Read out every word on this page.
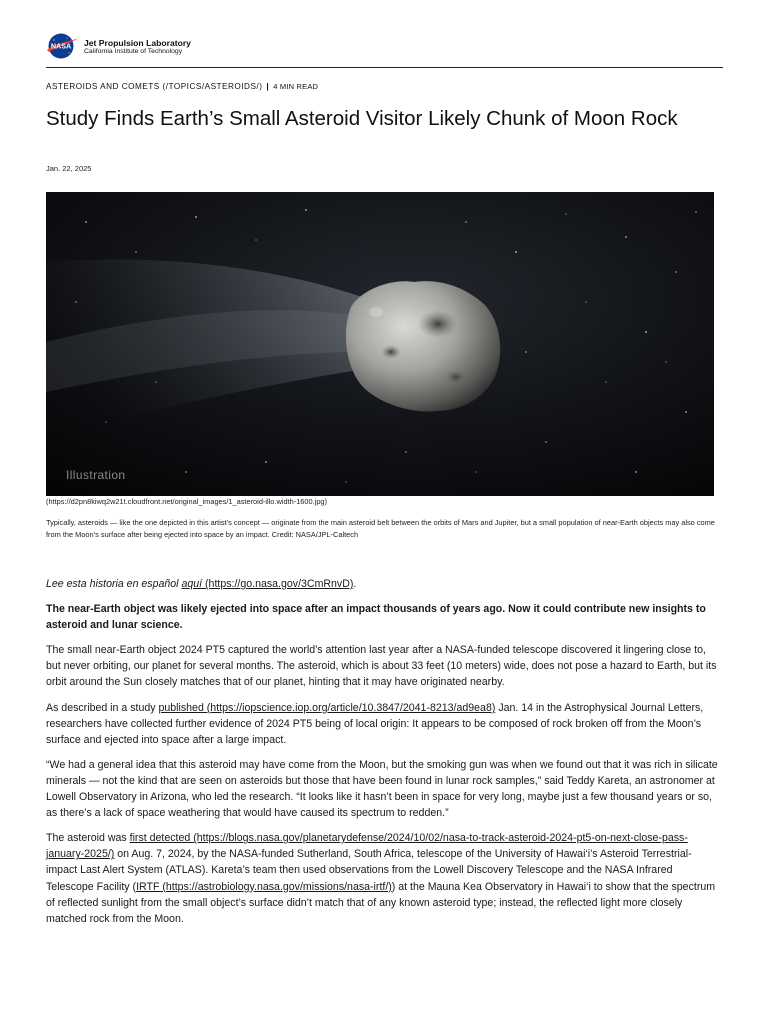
NASA Jet Propulsion Laboratory
California Institute of Technology
ASTEROIDS AND COMETS (/TOPICS/ASTEROIDS/) | 4 MIN READ
Study Finds Earth’s Small Asteroid Visitor Likely Chunk of Moon Rock
Jan. 22, 2025
Illustration
(https://d2pn8kiwq2w21t.cloudfront.net/original_images/1_asteroid-illo.width-1600.jpg)
Typically, asteroids — like the one depicted in this artist’s concept — originate from the main asteroid belt between the orbits of Mars and Jupiter, but a small population of near-Earth objects may also come from the Moon’s surface after being ejected into space by an impact. Credit: NASA/JPL-Caltech

Lee esta historia en español aquí (https://go.nasa.gov/3CmRnvD).

The near-Earth object was likely ejected into space after an impact thousands of years ago. Now it could contribute new insights to asteroid and lunar science.

The small near-Earth object 2024 PT5 captured the world’s attention last year after a NASA-funded telescope discovered it lingering close to, but never orbiting, our planet for several months. The asteroid, which is about 33 feet (10 meters) wide, does not pose a hazard to Earth, but its orbit around the Sun closely matches that of our planet, hinting that it may have originated nearby.

As described in a study published (https://iopscience.iop.org/article/10.3847/2041-8213/ad9ea8) Jan. 14 in the Astrophysical Journal Letters, researchers have collected further evidence of 2024 PT5 being of local origin: It appears to be composed of rock broken off from the Moon’s surface and ejected into space after a large impact.

“We had a general idea that this asteroid may have come from the Moon, but the smoking gun was when we found out that it was rich in silicate minerals — not the kind that are seen on asteroids but those that have been found in lunar rock samples,” said Teddy Kareta, an astronomer at Lowell Observatory in Arizona, who led the research. “It looks like it hasn’t been in space for very long, maybe just a few thousand years or so, as there’s a lack of space weathering that would have caused its spectrum to redden.”

The asteroid was first detected (https://blogs.nasa.gov/planetarydefense/2024/10/02/nasa-to-track-asteroid-2024-pt5-on-next-close-pass-january-2025/) on Aug. 7, 2024, by the NASA-funded Sutherland, South Africa, telescope of the University of Hawai‘i’s Asteroid Terrestrial-impact Last Alert System (ATLAS). Kareta’s team then used observations from the Lowell Discovery Telescope and the NASA Infrared Telescope Facility (IRTF (https://astrobiology.nasa.gov/missions/nasa-irtf/)) at the Mauna Kea Observatory in Hawai‘i to show that the spectrum of reflected sunlight from the small object’s surface didn’t match that of any known asteroid type; instead, the reflected light more closely matched rock from the Moon.
